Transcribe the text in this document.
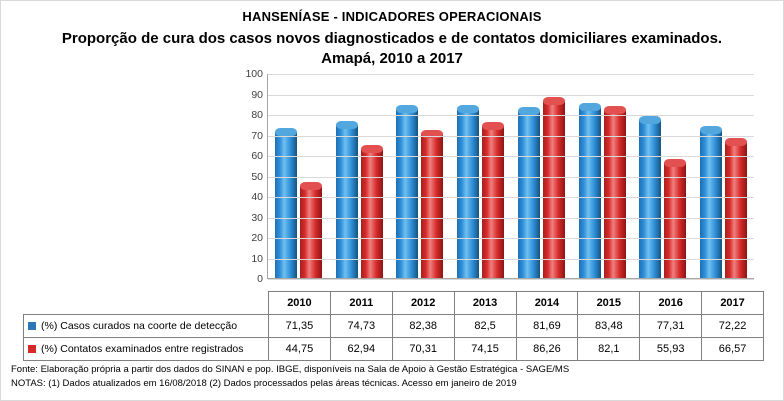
HANSENÍASE - INDICADORES OPERACIONAIS
Proporção de cura dos casos novos diagnosticados e de contatos domiciliares examinados. Amapá, 2010 a 2017
0
10
20
30
40
50
60
70
80
90
100
	2010	2011	2012	2013	2014	2015	2016	2017
(%) Casos curados na coorte de detecção	71,35	74,73	82,38	82,5	81,69	83,48	77,31	72,22
(%) Contatos examinados entre registrados	44,75	62,94	70,31	74,15	86,26	82,1	55,93	66,57
Fonte: Elaboração própria a partir dos dados do SINAN e pop. IBGE, disponíveis na Sala de Apoio à Gestão Estratégica - SAGE/MS
NOTAS: (1) Dados atualizados em 16/08/2018 (2) Dados processados pelas áreas técnicas. Acesso em janeiro de 2019
